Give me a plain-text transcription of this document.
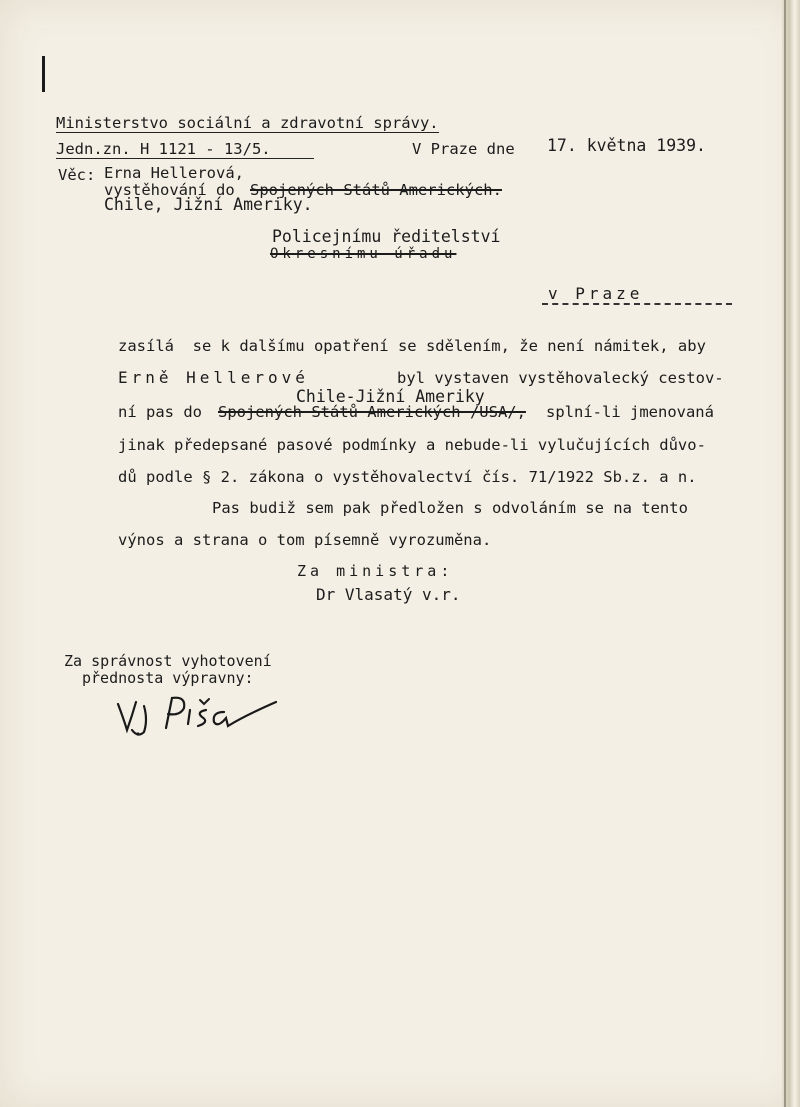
Ministerstvo sociální a zdravotní správy.
Jedn.zn. H 1121 - 13/5.	V Praze dne 17. května 1939.
Věc: Erna Hellerová,
vystěhování do Spojených Států Amerických.
Chile, Jižní Ameriky.
Policejnímu ředitelství
Okresnímu úřadu
v Praze
zasílá  se k dalšímu opatření se sdělením, že není námitek, aby
Erně Hellerové	byl vystaven vystěhovalecký cestov-
Chile-Jižní Ameriky
ní pas do Spojených Států Amerických /USA/, splní-li jmenovaná
jinak předepsané pasové podmínky a nebude-li vylučujících důvo-
dů podle § 2. zákona o vystěhovalectví čís. 71/1922 Sb.z. a n.
Pas budiž sem pak předložen s odvoláním se na tento
výnos a strana o tom písemně vyrozuměna.
Za ministra:
Dr Vlasatý v.r.
Za správnost vyhotovení
přednosta výpravny:
